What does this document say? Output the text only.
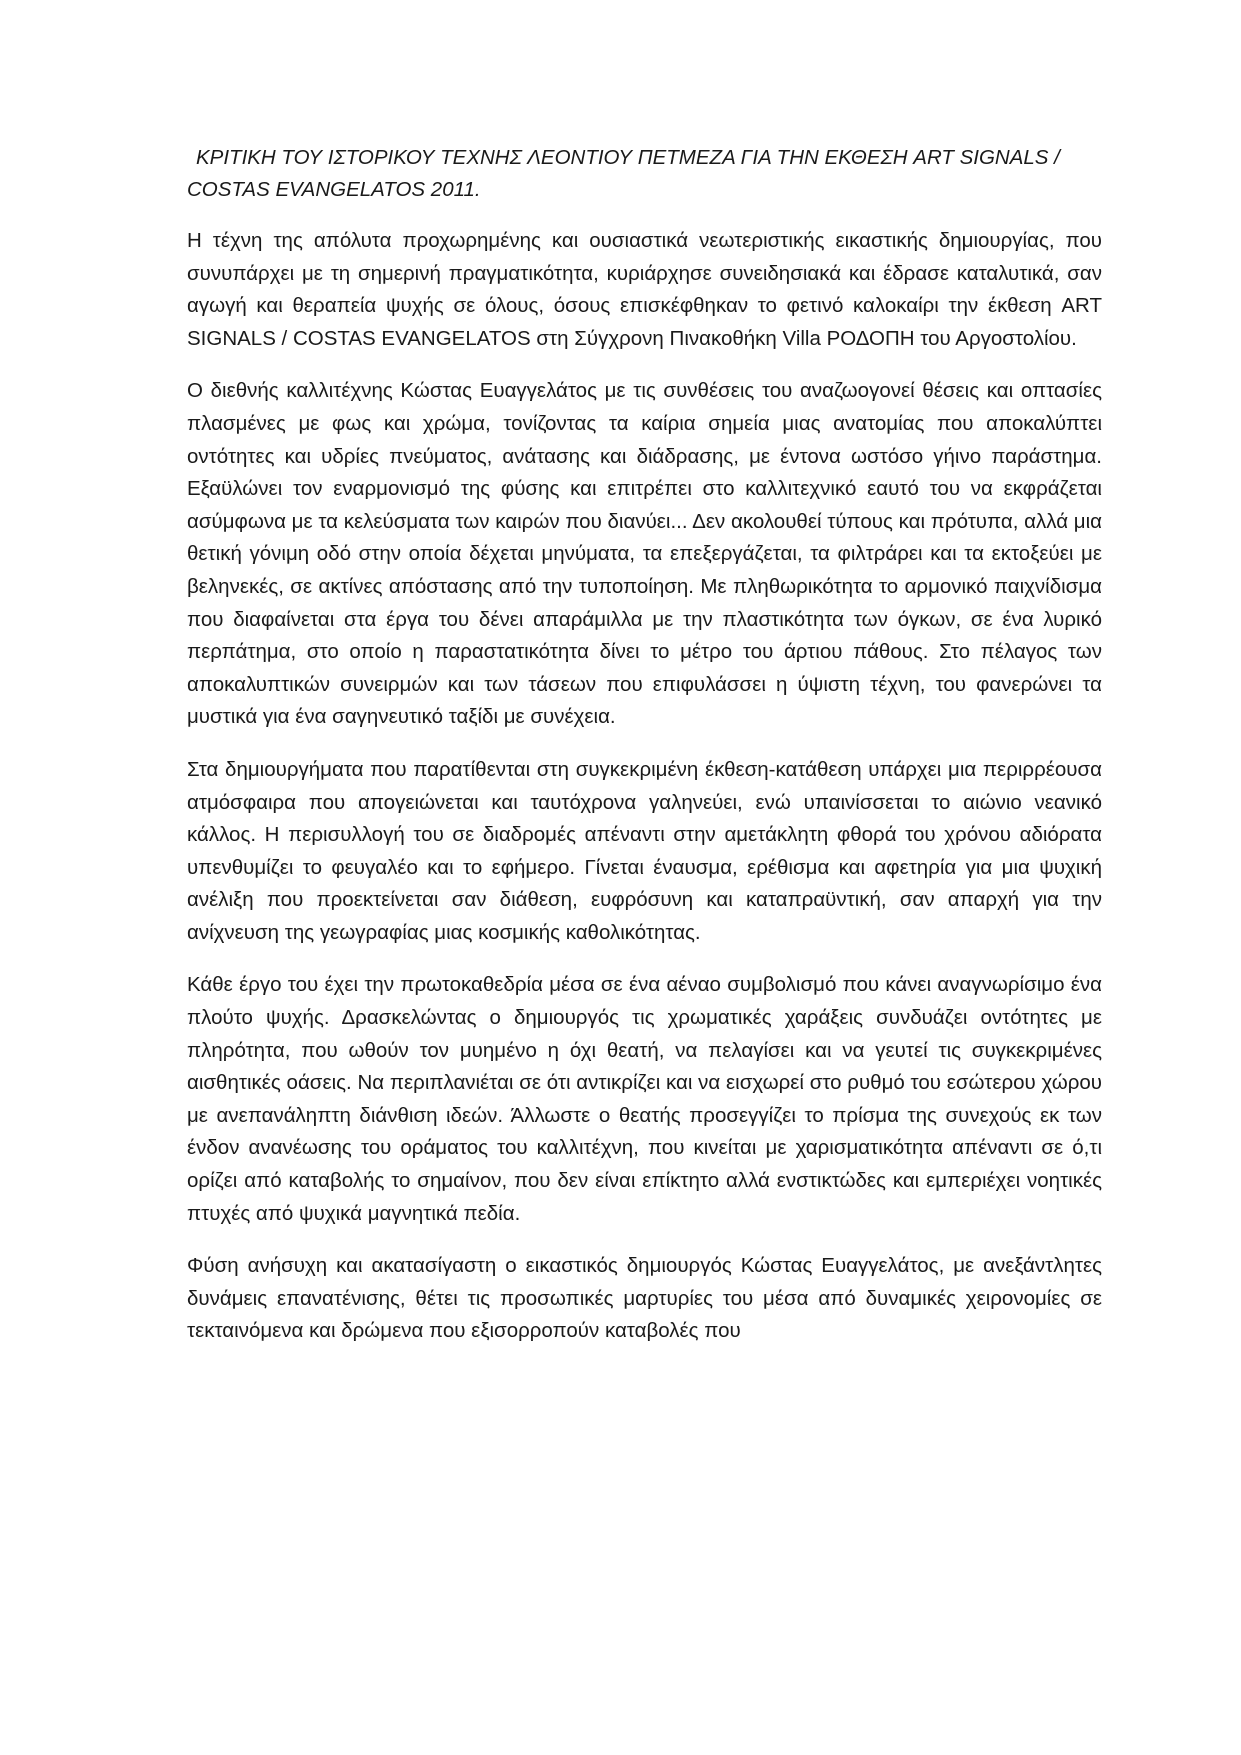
ΚΡΙΤΙΚΗ ΤΟΥ ΙΣΤΟΡΙΚΟΥ ΤΕΧΝΗΣ ΛΕΟΝΤΙΟΥ ΠΕΤΜΕΖΑ ΓΙΑ ΤΗΝ ΕΚΘΕΣΗ ART SIGNALS /
COSTAS EVANGELATOS 2011.

Η τέχνη της απόλυτα προχωρημένης και ουσιαστικά νεωτεριστικής εικαστικής δημιουργίας, που συνυπάρχει με τη σημερινή πραγματικότητα, κυριάρχησε συνειδησιακά και έδρασε καταλυτικά, σαν αγωγή και θεραπεία ψυχής σε όλους, όσους επισκέφθηκαν το φετινό καλοκαίρι την έκθεση ART SIGNALS / COSTAS EVANGELATOS στη Σύγχρονη Πινακοθήκη Villa ΡΟΔΟΠΗ του Αργοστολίου.

Ο διεθνής καλλιτέχνης Κώστας Ευαγγελάτος με τις συνθέσεις του αναζωογονεί θέσεις και οπτασίες πλασμένες με φως και χρώμα, τονίζοντας τα καίρια σημεία μιας ανατομίας που αποκαλύπτει οντότητες και υδρίες πνεύματος, ανάτασης και διάδρασης, με έντονα ωστόσο γήινο παράστημα. Εξαϋλώνει τον εναρμονισμό της φύσης και επιτρέπει στο καλλιτεχνικό εαυτό του να εκφράζεται ασύμφωνα με τα κελεύσματα των καιρών που διανύει... Δεν ακολουθεί τύπους και πρότυπα, αλλά μια θετική γόνιμη οδό στην οποία δέχεται μηνύματα, τα επεξεργάζεται, τα φιλτράρει και τα εκτοξεύει με βεληνεκές, σε ακτίνες απόστασης από την τυποποίηση. Με πληθωρικότητα το αρμονικό παιχνίδισμα που διαφαίνεται στα έργα του δένει απαράμιλλα με την πλαστικότητα των όγκων, σε ένα λυρικό περπάτημα, στο οποίο η παραστατικότητα δίνει το μέτρο του άρτιου πάθους. Στο πέλαγος των αποκαλυπτικών συνειρμών και των τάσεων που επιφυλάσσει η ύψιστη τέχνη, του φανερώνει τα μυστικά για ένα σαγηνευτικό ταξίδι με συνέχεια.

Στα δημιουργήματα που παρατίθενται στη συγκεκριμένη έκθεση-κατάθεση υπάρχει μια περιρρέουσα ατμόσφαιρα που απογειώνεται και ταυτόχρονα γαληνεύει, ενώ υπαινίσσεται το αιώνιο νεανικό κάλλος. Η περισυλλογή του σε διαδρομές απέναντι στην αμετάκλητη φθορά του χρόνου αδιόρατα υπενθυμίζει το φευγαλέο και το εφήμερο. Γίνεται έναυσμα, ερέθισμα και αφετηρία για μια ψυχική ανέλιξη που προεκτείνεται σαν διάθεση, ευφρόσυνη και καταπραϋντική, σαν απαρχή για την ανίχνευση της γεωγραφίας μιας κοσμικής καθολικότητας.

Κάθε έργο του έχει την πρωτοκαθεδρία μέσα σε ένα αέναο συμβολισμό που κάνει αναγνωρίσιμο ένα πλούτο ψυχής. Δρασκελώντας ο δημιουργός τις χρωματικές χαράξεις συνδυάζει οντότητες με πληρότητα, που ωθούν τον μυημένο η όχι θεατή, να πελαγίσει και να γευτεί τις συγκεκριμένες αισθητικές οάσεις. Να περιπλανιέται σε ότι αντικρίζει και να εισχωρεί στο ρυθμό του εσώτερου χώρου με ανεπανάληπτη διάνθιση ιδεών. Άλλωστε ο θεατής προσεγγίζει το πρίσμα της συνεχούς εκ των ένδον ανανέωσης του οράματος του καλλιτέχνη, που κινείται με χαρισματικότητα απέναντι σε ό,τι ορίζει από καταβολής το σημαίνον, που δεν είναι επίκτητο αλλά ενστικτώδες και εμπεριέχει νοητικές πτυχές από ψυχικά μαγνητικά πεδία.

Φύση ανήσυχη και ακατασίγαστη ο εικαστικός δημιουργός Κώστας Ευαγγελάτος, με ανεξάντλητες δυνάμεις επανατένισης, θέτει τις προσωπικές μαρτυρίες του μέσα από δυναμικές χειρονομίες σε τεκταινόμενα και δρώμενα που εξισορροπούν καταβολές που
